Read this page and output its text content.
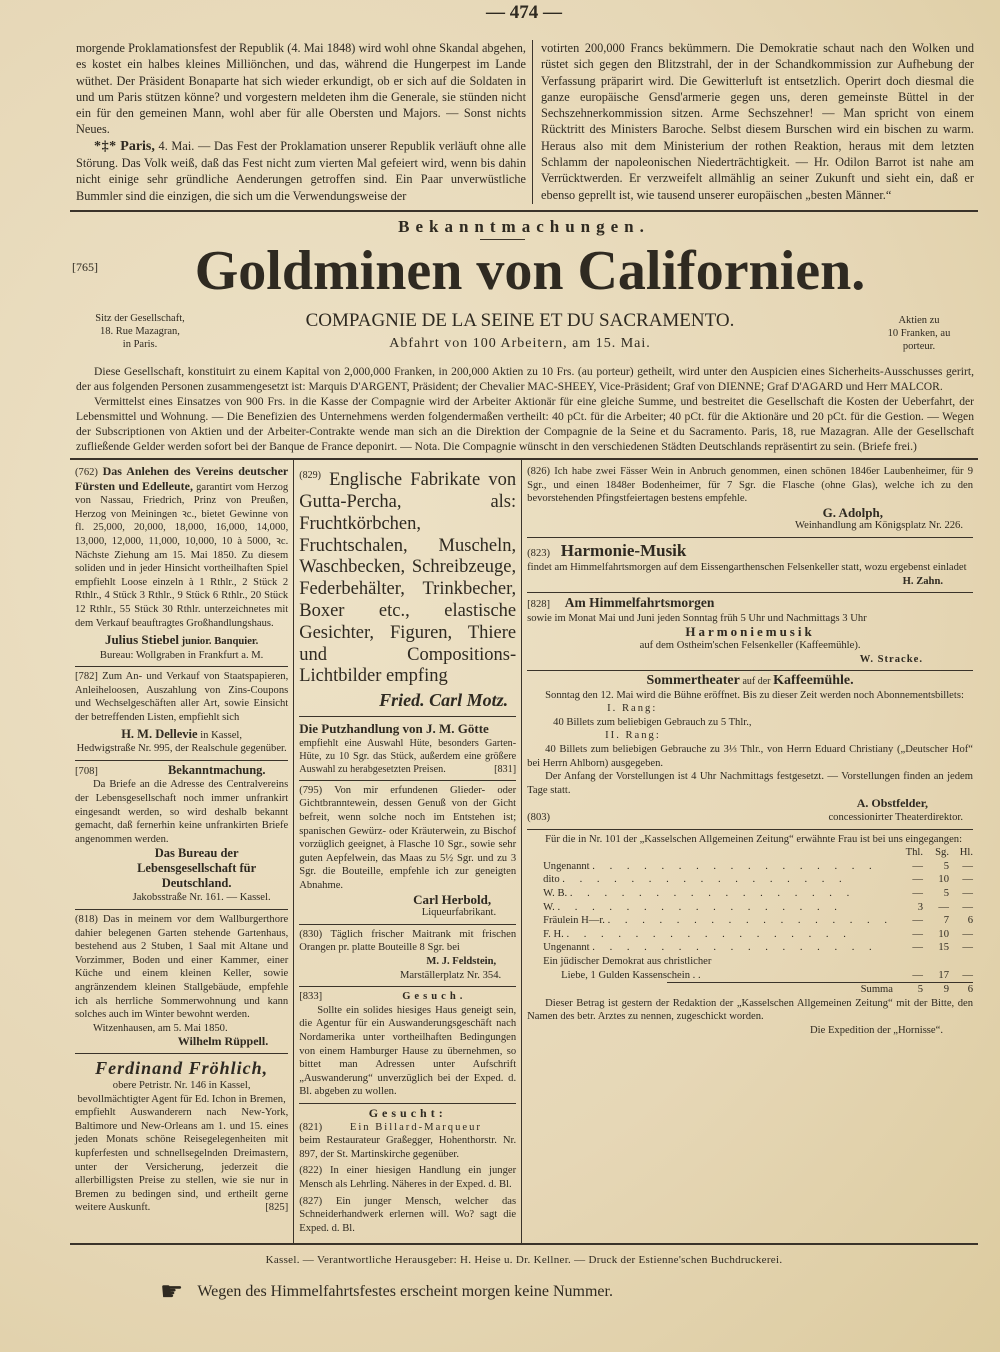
— 474 —

morgende Proklamationsfest der Republik (4. Mai 1848) wird wohl ohne Skandal abgehen, es kostet ein halbes kleines Milliönchen, und das, während die Hungerpest im Lande wüthet. Der Präsident Bonaparte hat sich wieder erkundigt, ob er sich auf die Soldaten in und um Paris stützen könne? und vorgestern meldeten ihm die Generale, sie stünden nicht ein für den gemeinen Mann, wohl aber für alle Obersten und Majors. — Sonst nichts Neues.

*‡* Paris, 4. Mai. — Das Fest der Proklamation unserer Republik verläuft ohne alle Störung. Das Volk weiß, daß das Fest nicht zum vierten Mal gefeiert wird, wenn bis dahin nicht einige sehr gründliche Aenderungen getroffen sind. Ein Paar unverwüstliche Bummler sind die einzigen, die sich um die Verwendungsweise der

votirten 200,000 Francs bekümmern. Die Demokratie schaut nach den Wolken und rüstet sich gegen den Blitzstrahl, der in der Schandkommission zur Aufhebung der Verfassung präparirt wird. Die Gewitterluft ist entsetzlich. Operirt doch diesmal die ganze europäische Gensd'armerie gegen uns, deren gemeinste Büttel in der Sechszehnerkommission sitzen. Arme Sechszehner! — Man spricht von einem Rücktritt des Ministers Baroche. Selbst diesem Burschen wird ein bischen zu warm. Heraus also mit dem Ministerium der rothen Reaktion, heraus mit dem letzten Schlamm der napoleonischen Niederträchtigkeit. — Hr. Odilon Barrot ist nahe am Verrücktwerden. Er verzweifelt allmählig an seiner Zukunft und sieht ein, daß er ebenso geprellt ist, wie tausend unserer europäischen „besten Männer.“
Bekanntmachungen.
[765]	Goldminen von Californien.
Sitz der Gesellschaft,
18. Rue Mazagran,
in Paris.
COMPAGNIE DE LA SEINE ET DU SACRAMENTO.
Abfahrt von 100 Arbeitern, am 15. Mai.
Aktien zu
10 Franken, au
porteur.

Diese Gesellschaft, konstituirt zu einem Kapital von 2,000,000 Franken, in 200,000 Aktien zu 10 Frs. (au porteur) getheilt, wird unter den Auspicien eines Sicherheits-Ausschusses gerirt, der aus folgenden Personen zusammengesetzt ist: Marquis D'ARGENT, Präsident; der Chevalier MAC-SHEEY, Vice-Präsident; Graf von DIENNE; Graf D'AGARD und Herr MALCOR.

Vermittelst eines Einsatzes von 900 Frs. in die Kasse der Compagnie wird der Arbeiter Aktionär für eine gleiche Summe, und bestreitet die Gesellschaft die Kosten der Ueberfahrt, der Lebensmittel und Wohnung. — Die Benefizien des Unternehmens werden folgendermaßen vertheilt: 40 pCt. für die Arbeiter; 40 pCt. für die Aktionäre und 20 pCt. für die Gestion. — Wegen der Subscriptionen von Aktien und der Arbeiter-Contrakte wende man sich an die Direktion der Compagnie de la Seine et du Sacramento. Paris, 18, rue Mazagran. Alle der Gesellschaft zufließende Gelder werden sofort bei der Banque de France deponirt. — Nota. Die Compagnie wünscht in den verschiedenen Städten Deutschlands repräsentirt zu sein. (Briefe frei.)

(762) Das Anlehen des Vereins deutscher Fürsten und Edelleute, garantirt vom Herzog von Nassau, Friedrich, Prinz von Preußen, Herzog von Meiningen ꝛc., bietet Gewinne von fl. 25,000, 20,000, 18,000, 16,000, 14,000, 13,000, 12,000, 11,000, 10,000, 10 à 5000, ꝛc. Nächste Ziehung am 15. Mai 1850. Zu diesem soliden und in jeder Hinsicht vortheilhaften Spiel empfiehlt Loose einzeln à 1 Rthlr., 2 Stück 2 Rthlr., 4 Stück 3 Rthlr., 9 Stück 6 Rthlr., 20 Stück 12 Rthlr., 55 Stück 30 Rthlr. unterzeichnetes mit dem Verkauf beauftragtes Großhandlungshaus.
Julius Stiebel junior. Banquier.
Bureau: Wollgraben in Frankfurt a. M.
[782] Zum An- und Verkauf von Staatspapieren, Anleiheloosen, Auszahlung von Zins-Coupons und Wechselgeschäften aller Art, sowie Einsicht der betreffenden Listen, empfiehlt sich
H. M. Dellevie in Kassel,
Hedwigstraße Nr. 995, der Realschule gegenüber.
[708]	Bekanntmachung.

Da Briefe an die Adresse des Centralvereins der Lebensgesellschaft noch immer unfrankirt eingesandt werden, so wird deshalb bekannt gemacht, daß fernerhin keine unfrankirten Briefe angenommen werden.

Das Bureau der Lebensgesellschaft für Deutschland.
Jakobsstraße Nr. 161. — Kassel.
(818) Das in meinem vor dem Wallburgerthore dahier belegenen Garten stehende Gartenhaus, bestehend aus 2 Stuben, 1 Saal mit Altane und Vorzimmer, Boden und einer Kammer, einer Küche und einem kleinen Keller, sowie angränzendem kleinen Stallgebäude, empfehle ich als herrliche Sommerwohnung und kann solches auch im Winter bewohnt werden.

Witzenhausen, am 5. Mai 1850.

Wilhelm Rüppell.
Ferdinand Fröhlich,
obere Petristr. Nr. 146 in Kassel,
bevollmächtigter Agent für Ed. Ichon in Bremen,

empfiehlt Auswanderern nach New-York, Baltimore und New-Orleans am 1. und 15. eines jeden Monats schöne Reisegelegenheiten mit kupferfesten und schnellsegelnden Dreimastern, unter der Versicherung, jederzeit die allerbilligsten Preise zu stellen, wie sie nur in Bremen zu bedingen sind, und ertheilt gerne weitere Auskunft.	[825]

$^{(829)}$ Englische Fabrikate von Gutta-Percha, als: Fruchtkörbchen, Fruchtschalen, Muscheln, Waschbecken, Schreibzeuge, Federbehälter, Trinkbecher, Boxer etc., elastische Gesichter, Figuren, Thiere und Compositions-Lichtbilder empfing
Fried. Carl Motz.
Die Putzhandlung von J. M. Götte

empfiehlt eine Auswahl Hüte, besonders Garten-Hüte, zu 10 Sgr. das Stück, außerdem eine größere Auswahl zu herabgesetzten Preisen.	[831]

(795) Von mir erfundenen Glieder- oder Gichtbranntewein, dessen Genuß von der Gicht befreit, wenn solche noch im Entstehen ist; spanischen Gewürz- oder Kräuterwein, zu Bischof vorzüglich geeignet, à Flasche 10 Sgr., sowie sehr guten Aepfelwein, das Maas zu 5½ Sgr. und zu 3 Sgr. die Bouteille, empfehle ich zur geneigten Abnahme.
Carl Herbold,
Liqueurfabrikant.
(830) Täglich frischer Maitrank mit frischen Orangen pr. platte Bouteille 8 Sgr. bei
M. J. Feldstein,
Marställerplatz Nr. 354.
[833]	Gesuch.

Sollte ein solides hiesiges Haus geneigt sein, die Agentur für ein Auswanderungsgeschäft nach Nordamerika unter vortheilhaften Bedingungen von einem Hamburger Hause zu übernehmen, so bittet man Adressen unter Aufschrift „Auswanderung“ unverzüglich bei der Exped. d. Bl. abgeben zu wollen.

Gesucht:
(821)	Ein Billard-Marqueur
beim Restaurateur Graßegger, Hohenthorstr. Nr. 897, der St. Martinskirche gegenüber.
(822) In einer hiesigen Handlung ein junger Mensch als Lehrling. Näheres in der Exped. d. Bl.
(827) Ein junger Mensch, welcher das Schneiderhandwerk erlernen will. Wo? sagt die Exped. d. Bl.
(826) Ich habe zwei Fässer Wein in Anbruch genommen, einen schönen 1846er Laubenheimer, für 9 Sgr., und einen 1848er Bodenheimer, für 7 Sgr. die Flasche (ohne Glas), welche ich zu den bevorstehenden Pfingstfeiertagen bestens empfehle.
G. Adolph,
Weinhandlung am Königsplatz Nr. 226.
(823) Harmonie-Musik
findet am Himmelfahrtsmorgen auf dem Eissengarthenschen Felsenkeller statt, wozu ergebenst einladet
H. Zahn.
[828] Am Himmelfahrtsmorgen
sowie im Monat Mai und Juni jeden Sonntag früh 5 Uhr und Nachmittags 3 Uhr
Harmoniemusik
auf dem Ostheim'schen Felsenkeller (Kaffeemühle).
W. Stracke.
Sommertheater auf der Kaffeemühle.

Sonntag den 12. Mai wird die Bühne eröffnet. Bis zu dieser Zeit werden noch Abonnementsbillets:

I. Rang:
40 Billets zum beliebigen Gebrauch zu 5 Thlr.,
II. Rang:

40 Billets zum beliebigen Gebrauche zu 3⅓ Thlr., von Herrn Eduard Christiany („Deutscher Hof“ bei Herrn Ahlborn) ausgegeben.

Der Anfang der Vorstellungen ist 4 Uhr Nachmittags festgesetzt. — Vorstellungen finden an jedem Tage statt.

A. Obstfelder,
(803)	concessionirter Theaterdirektor.

Für die in Nr. 101 der „Kasselschen Allgemeinen Zeitung“ erwähnte Frau ist bei uns eingegangen:

Thl.	Sg.	Hl.
Ungenannt . . . . . . . . . . . . . . . . .	—	5	—
dito . . . . . . . . . . . . . . . . .	—	10	—
W. B. . . . . . . . . . . . . . . . . .	—	5	—
W. . . . . . . . . . . . . . . . . .	3	—	—
Fräulein H—r. . . . . . . . . . . . . . . . . .	—	7	6
F. H. . . . . . . . . . . . . . . . . .	—	10	—
Ungenannt . . . . . . . . . . . . . . . . .	—	15	—
Ein jüdischer Demokrat aus christlicher
Liebe, 1 Gulden Kassenschein . .	—	17	—
Summa	5	9	6

Dieser Betrag ist gestern der Redaktion der „Kasselschen Allgemeinen Zeitung“ mit der Bitte, den Namen des betr. Arztes zu nennen, zugeschickt worden.

Die Expedition der „Hornisse“.
Kassel. — Verantwortliche Herausgeber: H. Heise u. Dr. Kellner. — Druck der Estienne'schen Buchdruckerei.
☛ Wegen des Himmelfahrtsfestes erscheint morgen keine Nummer.
